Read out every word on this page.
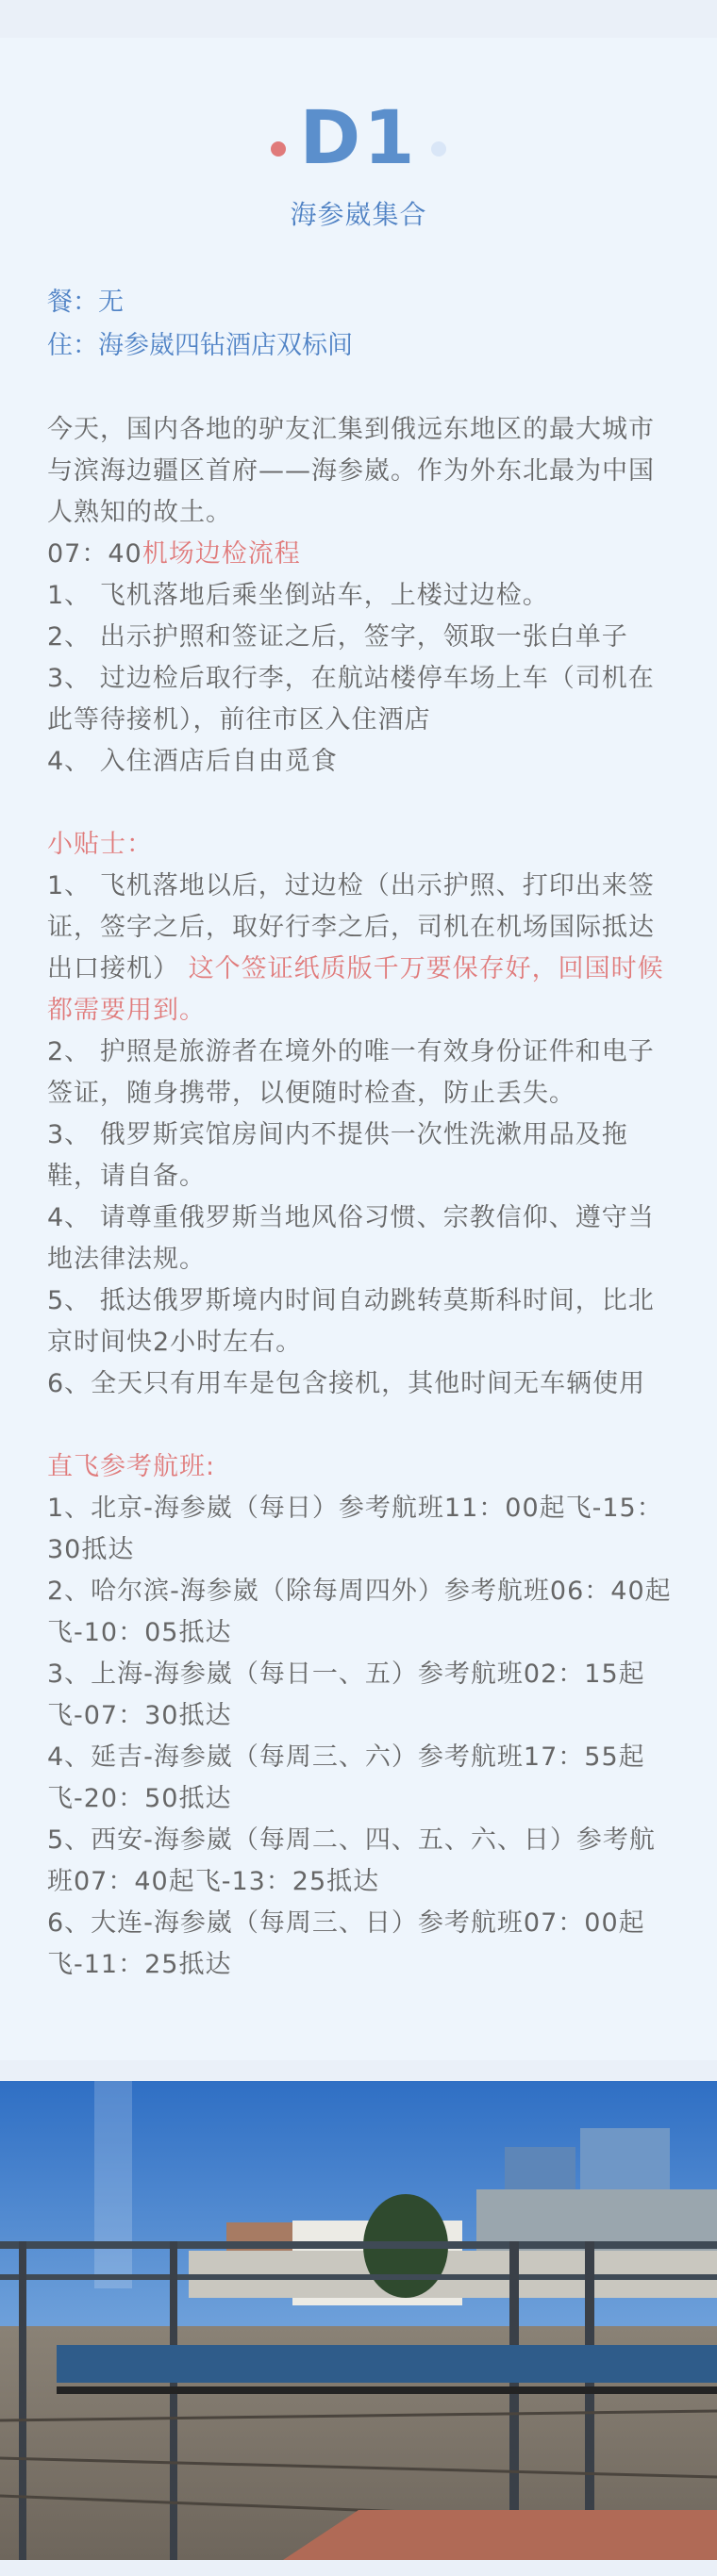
D1
海参崴集合
餐：无
住：海参崴四钻酒店双标间

今天，国内各地的驴友汇集到俄远东地区的最大城市与滨海边疆区首府——海参崴。作为外东北最为中国人熟知的故土。

07：40机场边检流程

1、 飞机落地后乘坐倒站车，上楼过边检。

2、 出示护照和签证之后，签字，领取一张白单子

3、 过边检后取行李，在航站楼停车场上车（司机在此等待接机），前往市区入住酒店

4、 入住酒店后自由觅食

小贴士：

1、 飞机落地以后，过边检（出示护照、打印出来签证，签字之后，取好行李之后，司机在机场国际抵达出口接机） 这个签证纸质版千万要保存好，回国时候都需要用到。

2、 护照是旅游者在境外的唯一有效身份证件和电子签证，随身携带，以便随时检查，防止丢失。

3、 俄罗斯宾馆房间内不提供一次性洗漱用品及拖鞋，请自备。

4、 请尊重俄罗斯当地风俗习惯、宗教信仰、遵守当地法律法规。

5、 抵达俄罗斯境内时间自动跳转莫斯科时间，比北京时间快2小时左右。

6、全天只有用车是包含接机，其他时间无车辆使用

直飞参考航班:

1、北京-海参崴（每日）参考航班11：00起飞-15：30抵达

2、哈尔滨-海参崴（除每周四外）参考航班06：40起飞-10：05抵达

3、上海-海参崴（每日一、五）参考航班02：15起飞-07：30抵达

4、延吉-海参崴（每周三、六）参考航班17：55起飞-20：50抵达

5、西安-海参崴（每周二、四、五、六、日）参考航班07：40起飞-13：25抵达

6、大连-海参崴（每周三、日）参考航班07：00起飞-11：25抵达
